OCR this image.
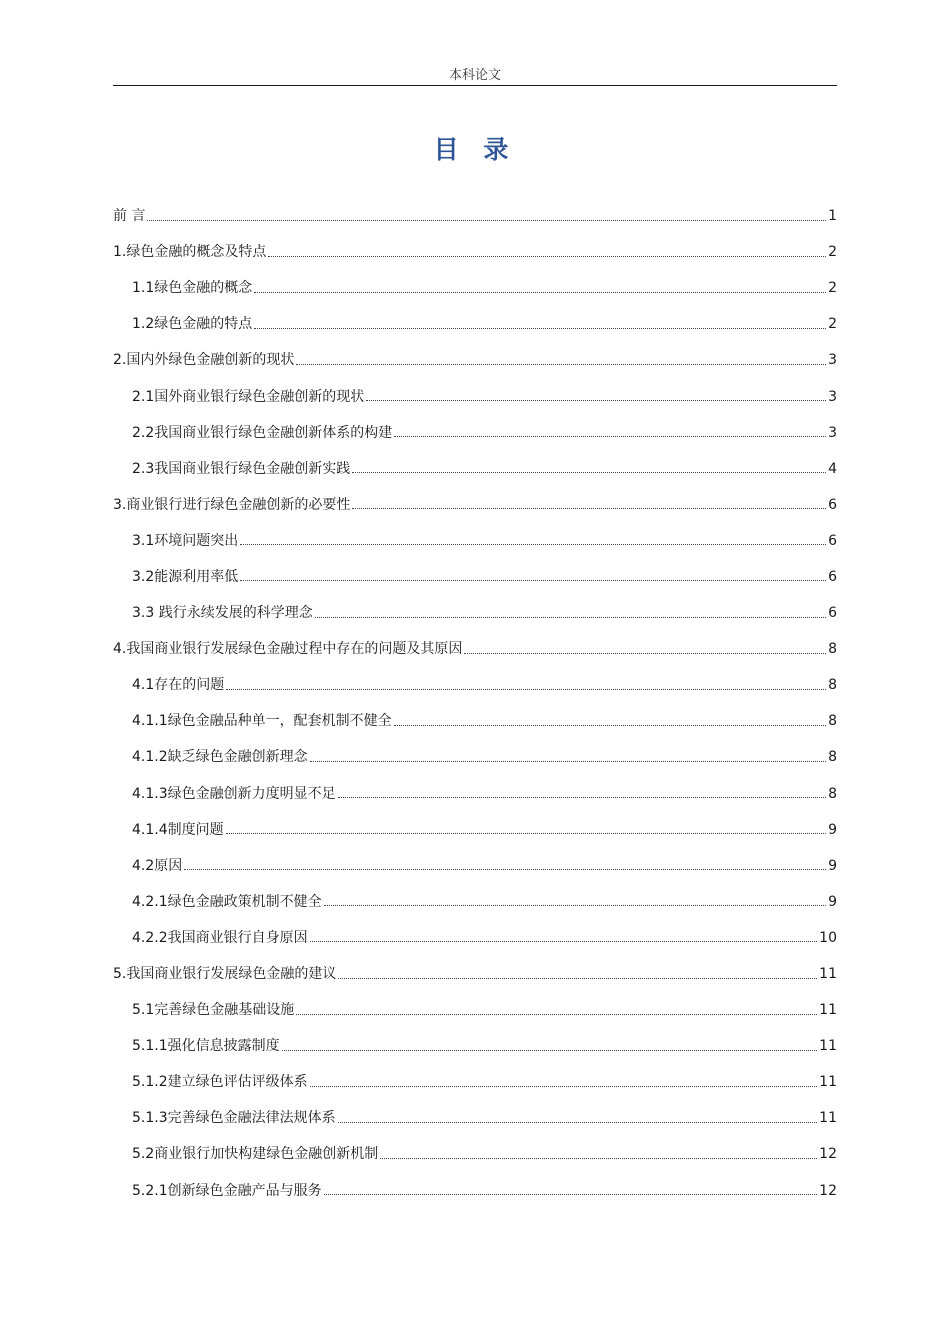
本科论文
目 录
前 言	1
1.绿色金融的概念及特点	2
1.1绿色金融的概念	2
1.2绿色金融的特点	2
2.国内外绿色金融创新的现状	3
2.1国外商业银行绿色金融创新的现状	3
2.2我国商业银行绿色金融创新体系的构建	3
2.3我国商业银行绿色金融创新实践	4
3.商业银行进行绿色金融创新的必要性	6
3.1环境问题突出	6
3.2能源利用率低	6
3.3 践行永续发展的科学理念	6
4.我国商业银行发展绿色金融过程中存在的问题及其原因	8
4.1存在的问题	8
4.1.1绿色金融品种单一，配套机制不健全	8
4.1.2缺乏绿色金融创新理念	8
4.1.3绿色金融创新力度明显不足	8
4.1.4制度问题	9
4.2原因	9
4.2.1绿色金融政策机制不健全	9
4.2.2我国商业银行自身原因	10
5.我国商业银行发展绿色金融的建议	11
5.1完善绿色金融基础设施	11
5.1.1强化信息披露制度	11
5.1.2建立绿色评估评级体系	11
5.1.3完善绿色金融法律法规体系	11
5.2商业银行加快构建绿色金融创新机制	12
5.2.1创新绿色金融产品与服务	12
